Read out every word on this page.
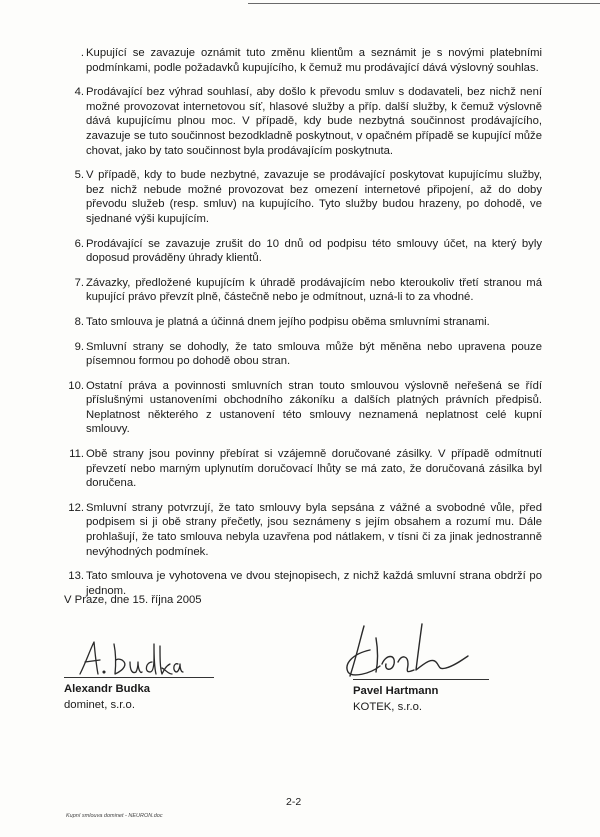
. Kupující se zavazuje oznámit tuto změnu klientům a seznámit je s novými platebními podmínkami, podle požadavků kupujícího, k čemuž mu prodávající dává výslovný souhlas.
4. Prodávající bez výhrad souhlasí, aby došlo k převodu smluv s dodavateli, bez nichž není možné provozovat internetovou síť, hlasové služby a příp. další služby, k čemuž výslovně dává kupujícímu plnou moc. V případě, kdy bude nezbytná součinnost prodávajícího, zavazuje se tuto součinnost bezodkladně poskytnout, v opačném případě se kupující může chovat, jako by tato součinnost byla prodávajícím poskytnuta.
5. V případě, kdy to bude nezbytné, zavazuje se prodávající poskytovat kupujícímu služby, bez nichž nebude možné provozovat bez omezení internetové připojení, až do doby převodu služeb (resp. smluv) na kupujícího. Tyto služby budou hrazeny, po dohodě, ve sjednané výši kupujícím.
6. Prodávající se zavazuje zrušit do 10 dnů od podpisu této smlouvy účet, na který byly doposud prováděny úhrady klientů.
7. Závazky, předložené kupujícím k úhradě prodávajícím nebo kteroukoliv třetí stranou má kupující právo převzít plně, částečně nebo je odmítnout, uzná-li to za vhodné.
8. Tato smlouva je platná a účinná dnem jejího podpisu oběma smluvními stranami.
9. Smluvní strany se dohodly, že tato smlouva může být měněna nebo upravena pouze písemnou formou po dohodě obou stran.
10. Ostatní práva a povinnosti smluvních stran touto smlouvou výslovně neřešená se řídí příslušnými ustanoveními obchodního zákoníku a dalších platných právních předpisů. Neplatnost některého z ustanovení této smlouvy neznamená neplatnost celé kupní smlouvy.
11. Obě strany jsou povinny přebírat si vzájemně doručované zásilky. V případě odmítnutí převzetí nebo marným uplynutím doručovací lhůty se má zato, že doručovaná zásilka byl doručena.
12. Smluvní strany potvrzují, že tato smlouvy byla sepsána z vážné a svobodné vůle, před podpisem si ji obě strany přečetly, jsou seznámeny s jejím obsahem a rozumí mu. Dále prohlašují, že tato smlouva nebyla uzavřena pod nátlakem, v tísni či za jinak jednostranně nevýhodných podmínek.
13. Tato smlouva je vyhotovena ve dvou stejnopisech, z nichž každá smluvní strana obdrží po jednom.
V Praze, dne 15. října 2005
Alexandr Budka
dominet, s.r.o.
Pavel Hartmann
KOTEK, s.r.o.
2-2
Kupní smlouva dominet - NEURON.doc
